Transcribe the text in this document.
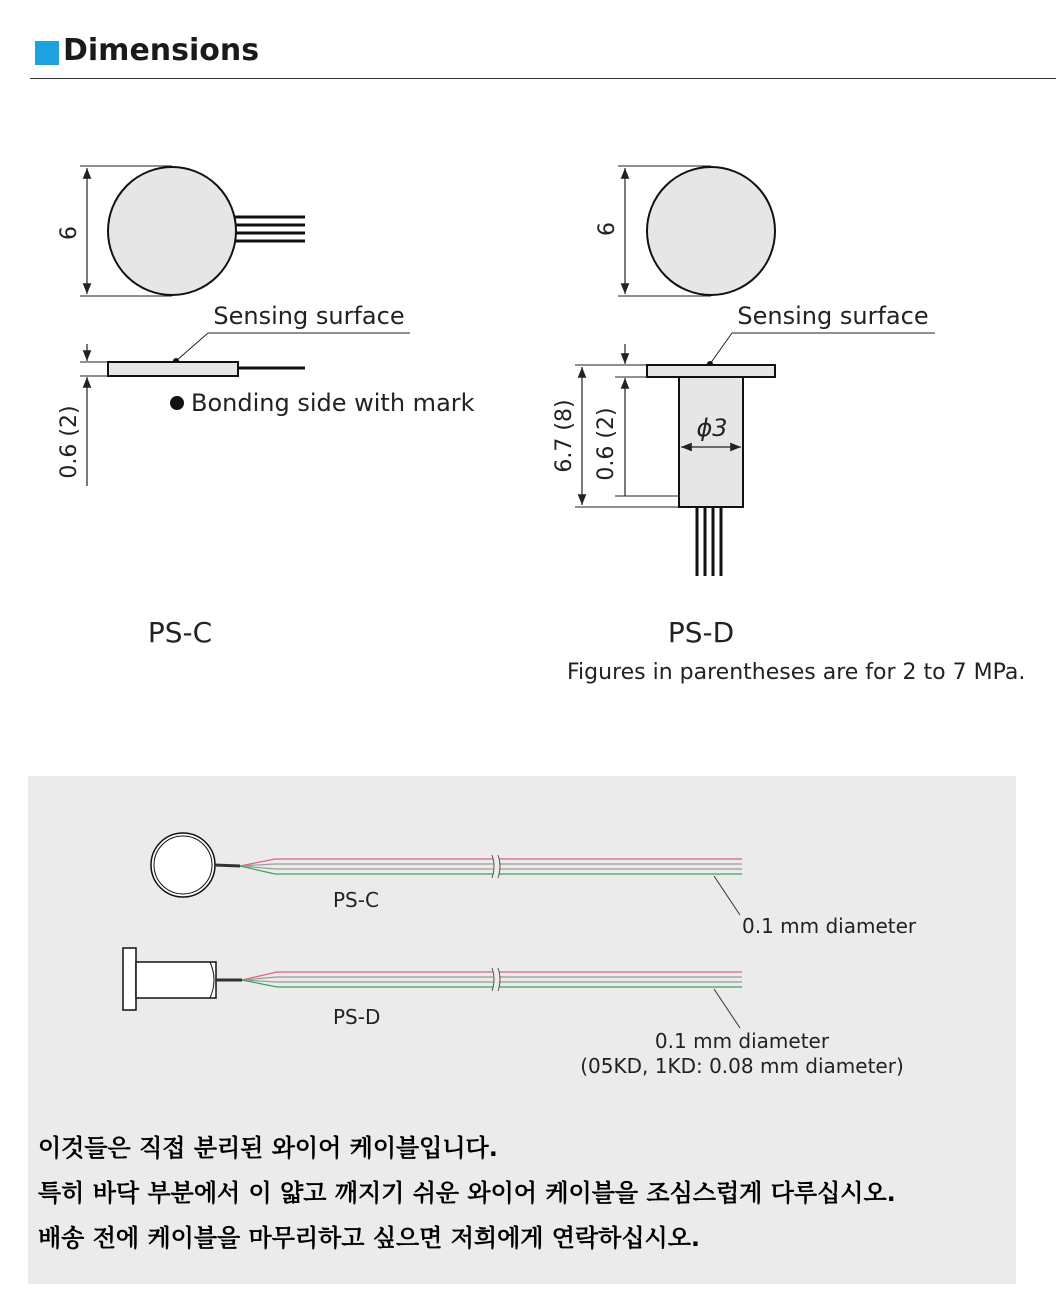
Dimensions
6
Sensing surface
0.6 (2)
Bonding side with mark
PS-C
6
Sensing surface
6.7 (8) 0.6 (2)	ϕ3
PS-D
Figures in parentheses are for 2 to 7 MPa.
PS-C
0.1 mm diameter
PS-D
0.1 mm diameter
(05KD, 1KD: 0.08 mm diameter)

이것들은 직접 분리된 와이어 케이블입니다.

특히 바닥 부분에서 이 얇고 깨지기 쉬운 와이어 케이블을 조심스럽게 다루십시오.

배송 전에 케이블을 마무리하고 싶으면 저희에게 연락하십시오.
